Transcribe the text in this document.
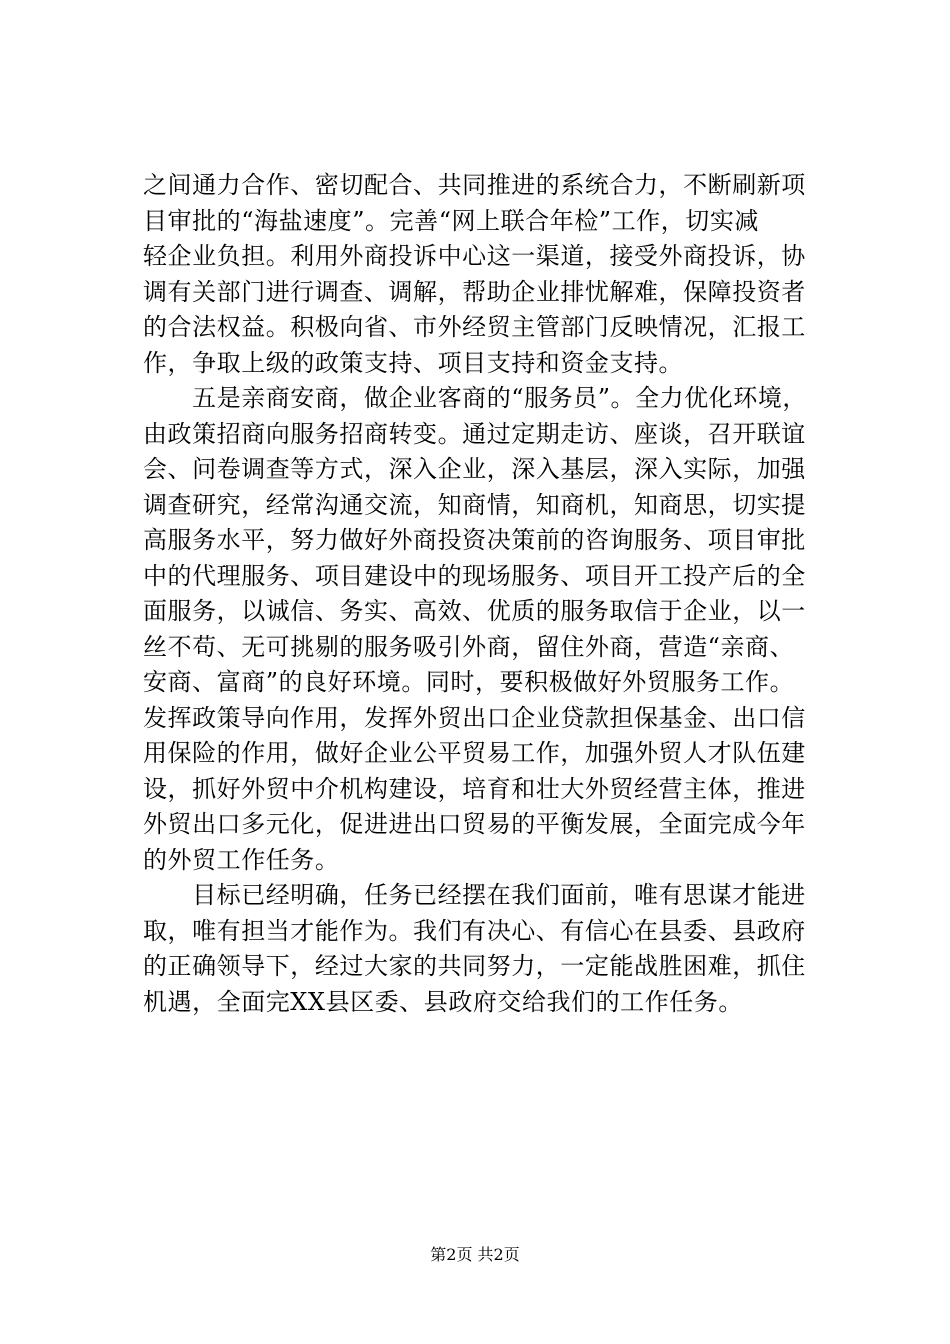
之间通力合作、密切配合、共同推进的系统合力，不断刷新项
目审批的“海盐速度”。完善“网上联合年检”工作，切实减
轻企业负担。利用外商投诉中心这一渠道，接受外商投诉，协
调有关部门进行调查、调解，帮助企业排忧解难，保障投资者
的合法权益。积极向省、市外经贸主管部门反映情况，汇报工
作，争取上级的政策支持、项目支持和资金支持。
　　五是亲商安商，做企业客商的“服务员”。全力优化环境，
由政策招商向服务招商转变。通过定期走访、座谈，召开联谊
会、问卷调查等方式，深入企业，深入基层，深入实际，加强
调查研究，经常沟通交流，知商情，知商机，知商思，切实提
高服务水平，努力做好外商投资决策前的咨询服务、项目审批
中的代理服务、项目建设中的现场服务、项目开工投产后的全
面服务，以诚信、务实、高效、优质的服务取信于企业，以一
丝不苟、无可挑剔的服务吸引外商，留住外商，营造“亲商、
安商、富商”的良好环境。同时，要积极做好外贸服务工作。
发挥政策导向作用，发挥外贸出口企业贷款担保基金、出口信
用保险的作用，做好企业公平贸易工作，加强外贸人才队伍建
设，抓好外贸中介机构建设，培育和壮大外贸经营主体，推进
外贸出口多元化，促进进出口贸易的平衡发展，全面完成今年
的外贸工作任务。
　　目标已经明确，任务已经摆在我们面前，唯有思谋才能进
取，唯有担当才能作为。我们有决心、有信心在县委、县政府
的正确领导下，经过大家的共同努力，一定能战胜困难，抓住
机遇，全面完XX县区委、县政府交给我们的工作任务。
第2页 共2页
